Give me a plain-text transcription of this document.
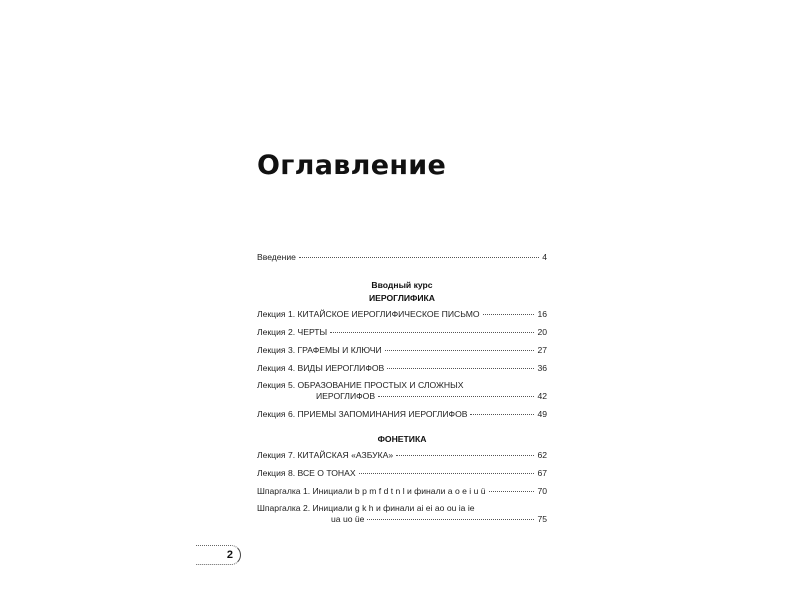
Оглавление
Введение	4
Вводный курс
ИЕРОГЛИФИКА
Лекция 1. КИТАЙСКОЕ ИЕРОГЛИФИЧЕСКОЕ ПИСЬМО	16
Лекция 2. ЧЕРТЫ	20
Лекция 3. ГРАФЕМЫ И КЛЮЧИ	27
Лекция 4. ВИДЫ ИЕРОГЛИФОВ	36
Лекция 5. ОБРАЗОВАНИЕ ПРОСТЫХ И СЛОЖНЫХ
ИЕРОГЛИФОВ	42
Лекция 6. ПРИЕМЫ ЗАПОМИНАНИЯ ИЕРОГЛИФОВ	49
ФОНЕТИКА
Лекция 7. КИТАЙСКАЯ «АЗБУКА»	62
Лекция 8. ВСЕ О ТОНАХ	67
Шпаргалка 1. Инициали b p m f d t n l и финали a o e i u ü	70
Шпаргалка 2. Инициали g k h и финали ai ei ao ou ia ie
ua uo üe	75
2
